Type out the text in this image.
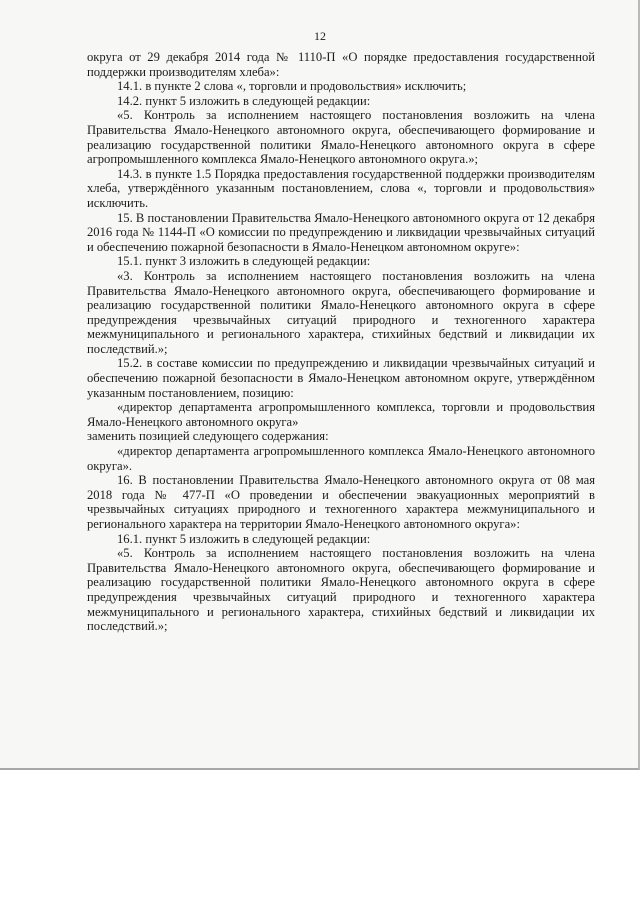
12

округа от 29 декабря 2014 года № 1110-П «О порядке предоставления государственной поддержки производителям хлеба»:

14.1. в пункте 2 слова «, торговли и продовольствия» исключить;

14.2. пункт 5 изложить в следующей редакции:

«5. Контроль за исполнением настоящего постановления возложить на члена Правительства Ямало-Ненецкого автономного округа, обеспечивающего формирование и реализацию государственной политики Ямало-Ненецкого автономного округа в сфере агропромышленного комплекса Ямало-Ненецкого автономного округа.»;

14.3. в пункте 1.5 Порядка предоставления государственной поддержки производителям хлеба, утверждённого указанным постановлением, слова «, торговли и продовольствия» исключить.

15. В постановлении Правительства Ямало-Ненецкого автономного округа от 12 декабря 2016 года № 1144-П «О комиссии по предупреждению и ликвидации чрезвычайных ситуаций и обеспечению пожарной безопасности в Ямало-Ненецком автономном округе»:

15.1. пункт 3 изложить в следующей редакции:

«3. Контроль за исполнением настоящего постановления возложить на члена Правительства Ямало-Ненецкого автономного округа, обеспечивающего формирование и реализацию государственной политики Ямало-Ненецкого автономного округа в сфере предупреждения чрезвычайных ситуаций природного и техногенного характера межмуниципального и регионального характера, стихийных бедствий и ликвидации их последствий.»;

15.2. в составе комиссии по предупреждению и ликвидации чрезвычайных ситуаций и обеспечению пожарной безопасности в Ямало-Ненецком автономном округе, утверждённом указанным постановлением, позицию:

«директор департамента агропромышленного комплекса, торговли и продовольствия Ямало-Ненецкого автономного округа»

заменить позицией следующего содержания:

«директор департамента агропромышленного комплекса Ямало-Ненецкого автономного округа».

16. В постановлении Правительства Ямало-Ненецкого автономного округа от 08 мая 2018 года № 477-П «О проведении и обеспечении эвакуационных мероприятий в чрезвычайных ситуациях природного и техногенного характера межмуниципального и регионального характера на территории Ямало-Ненецкого автономного округа»:

16.1. пункт 5 изложить в следующей редакции:

«5. Контроль за исполнением настоящего постановления возложить на члена Правительства Ямало-Ненецкого автономного округа, обеспечивающего формирование и реализацию государственной политики Ямало-Ненецкого автономного округа в сфере предупреждения чрезвычайных ситуаций природного и техногенного характера межмуниципального и регионального характера, стихийных бедствий и ликвидации их последствий.»;
